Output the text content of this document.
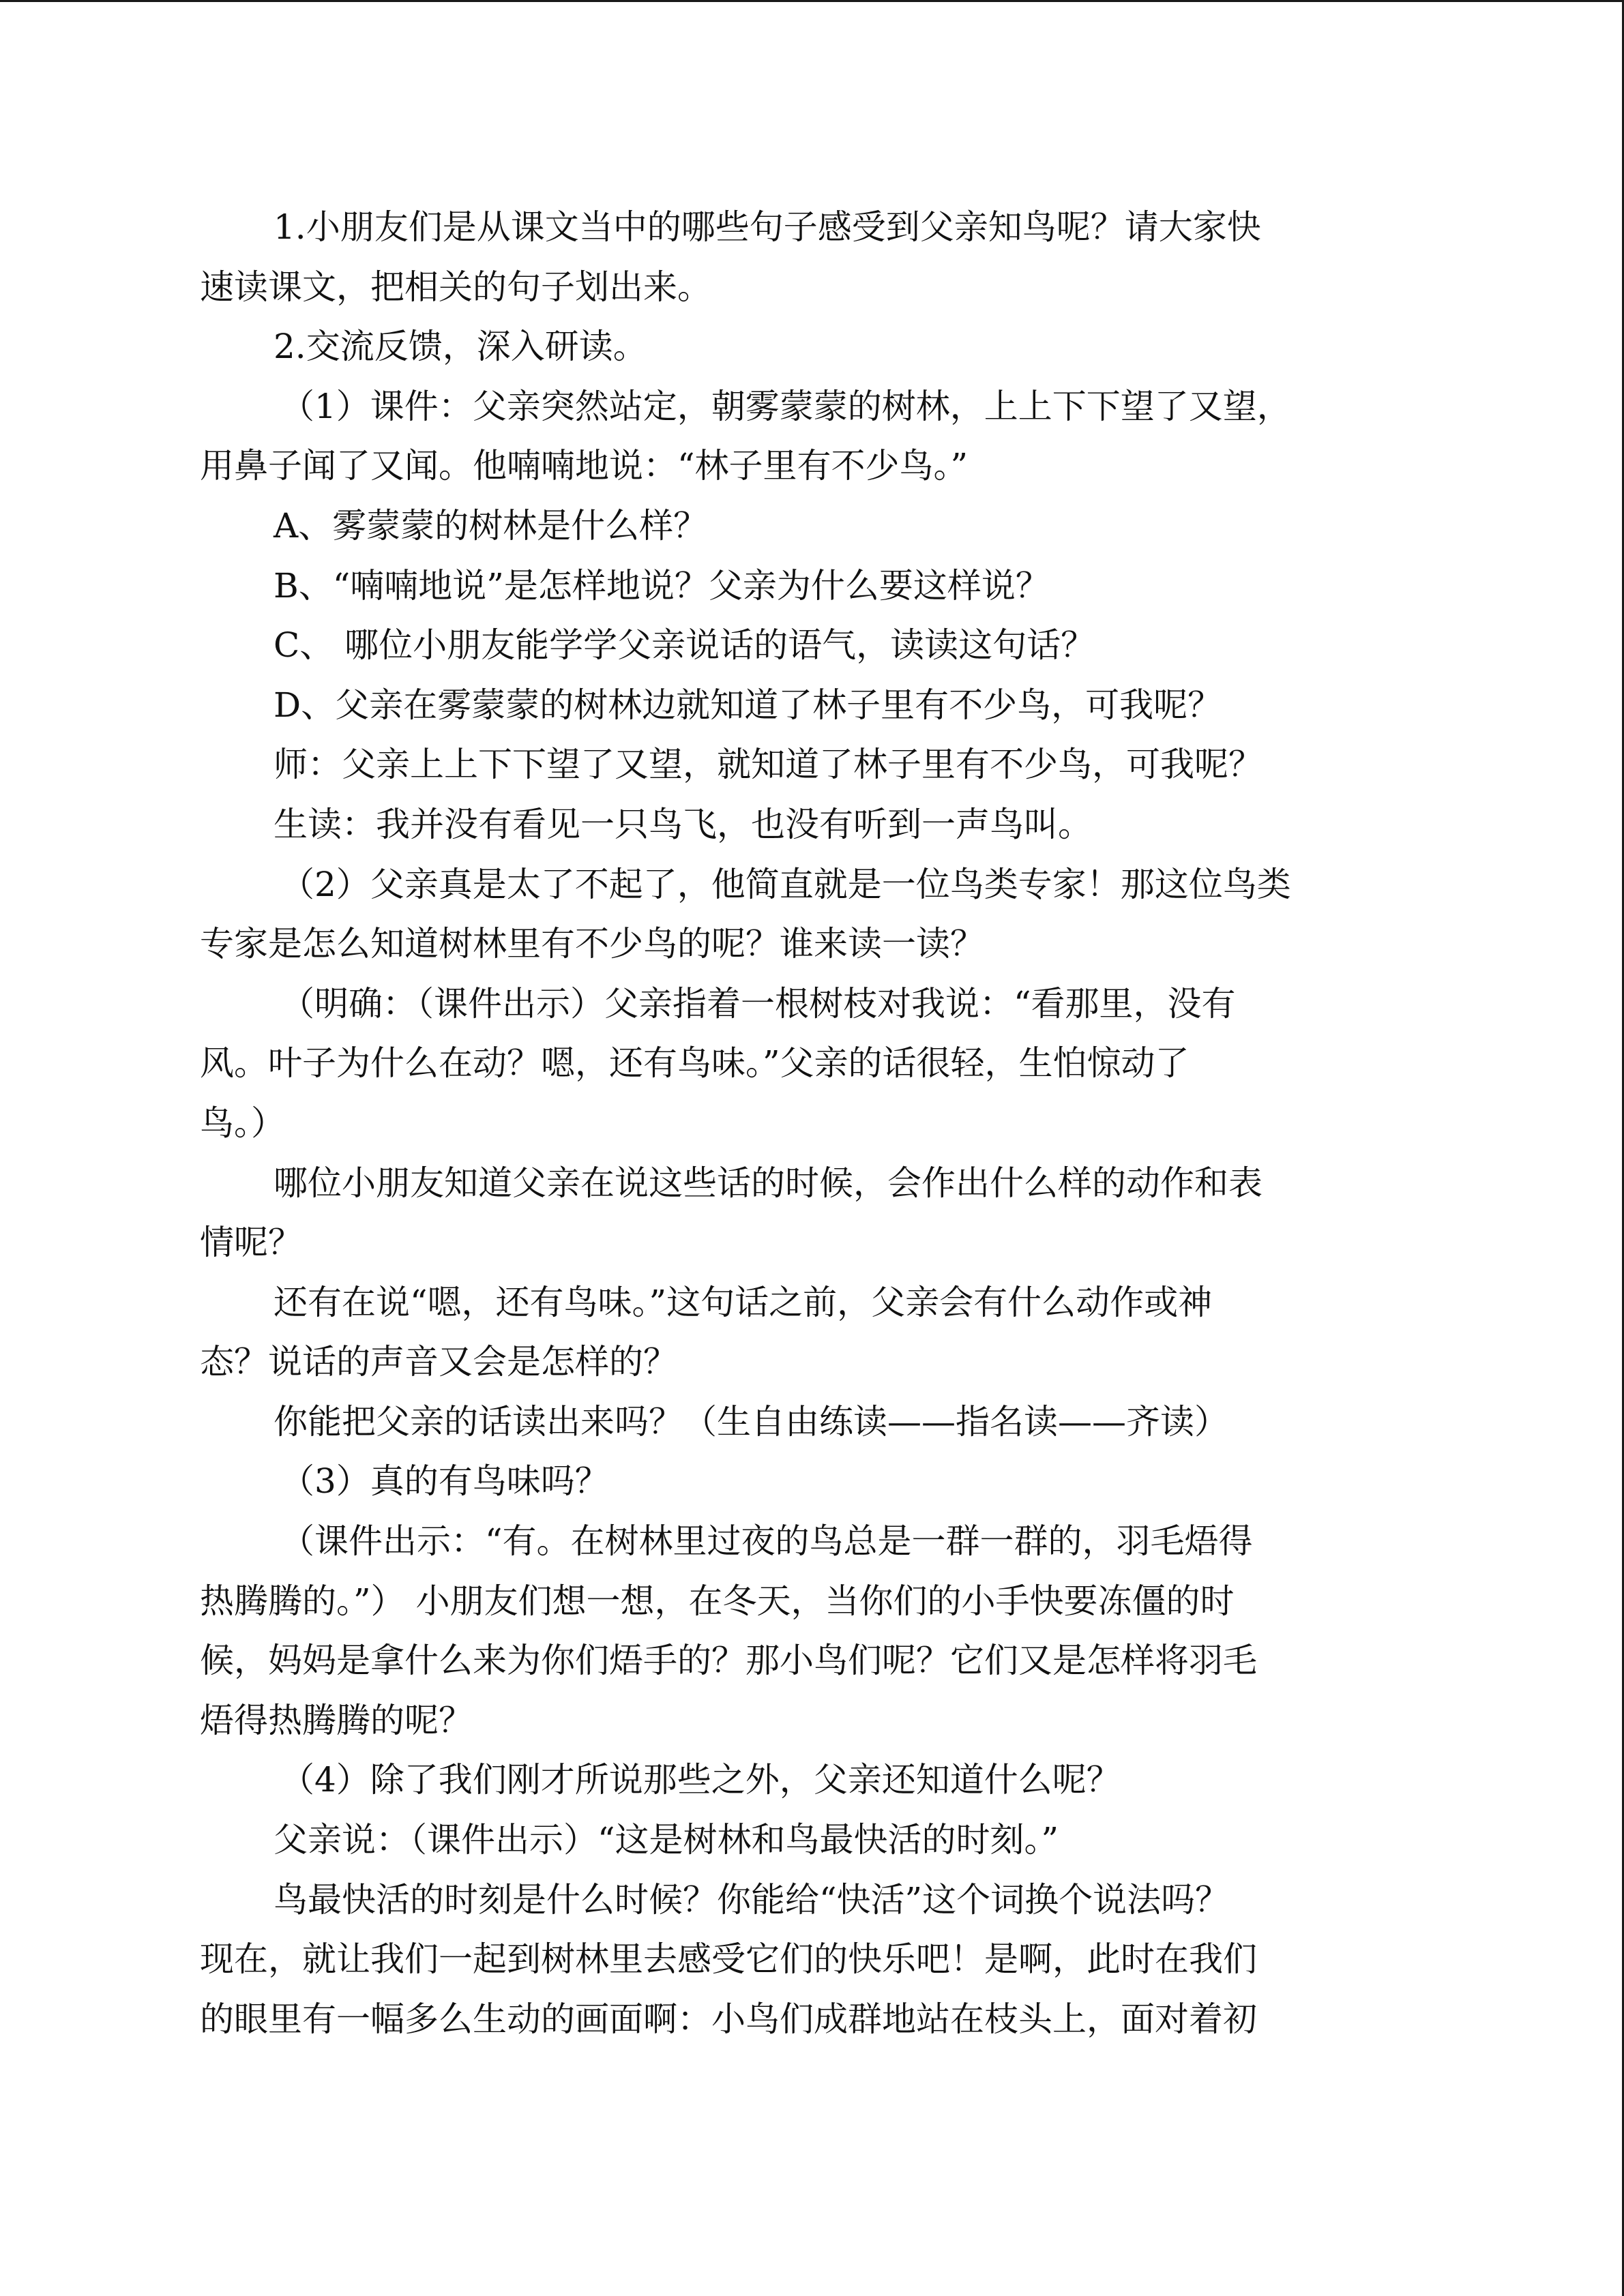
1.小朋友们是从课文当中的哪些句子感受到父亲知鸟呢？请大家快

速读课文，把相关的句子划出来。

2.交流反馈，深入研读。

（1）课件：父亲突然站定，朝雾蒙蒙的树林，上上下下望了又望，

用鼻子闻了又闻。他喃喃地说：“林子里有不少鸟。”

A、雾蒙蒙的树林是什么样？

B、“喃喃地说”是怎样地说？父亲为什么要这样说？

C、 哪位小朋友能学学父亲说话的语气，读读这句话？

D、父亲在雾蒙蒙的树林边就知道了林子里有不少鸟，可我呢？

师：父亲上上下下望了又望，就知道了林子里有不少鸟，可我呢？

生读：我并没有看见一只鸟飞，也没有听到一声鸟叫。

（2）父亲真是太了不起了，他简直就是一位鸟类专家！那这位鸟类

专家是怎么知道树林里有不少鸟的呢？谁来读一读？

（明确：（课件出示）父亲指着一根树枝对我说：“看那里，没有

风。叶子为什么在动？嗯，还有鸟味。”父亲的话很轻，生怕惊动了

鸟。）

哪位小朋友知道父亲在说这些话的时候，会作出什么样的动作和表

情呢？

还有在说“嗯，还有鸟味。”这句话之前，父亲会有什么动作或神

态？说话的声音又会是怎样的？

你能把父亲的话读出来吗？（生自由练读——指名读——齐读）

（3）真的有鸟味吗？

（课件出示：“有。在树林里过夜的鸟总是一群一群的，羽毛焐得

热腾腾的。”） 小朋友们想一想，在冬天，当你们的小手快要冻僵的时

候，妈妈是拿什么来为你们焐手的？那小鸟们呢？它们又是怎样将羽毛

焐得热腾腾的呢？

（4）除了我们刚才所说那些之外，父亲还知道什么呢？

父亲说：（课件出示）“这是树林和鸟最快活的时刻。”

鸟最快活的时刻是什么时候？你能给“快活”这个词换个说法吗？

现在，就让我们一起到树林里去感受它们的快乐吧！是啊，此时在我们

的眼里有一幅多么生动的画面啊：小鸟们成群地站在枝头上，面对着初
